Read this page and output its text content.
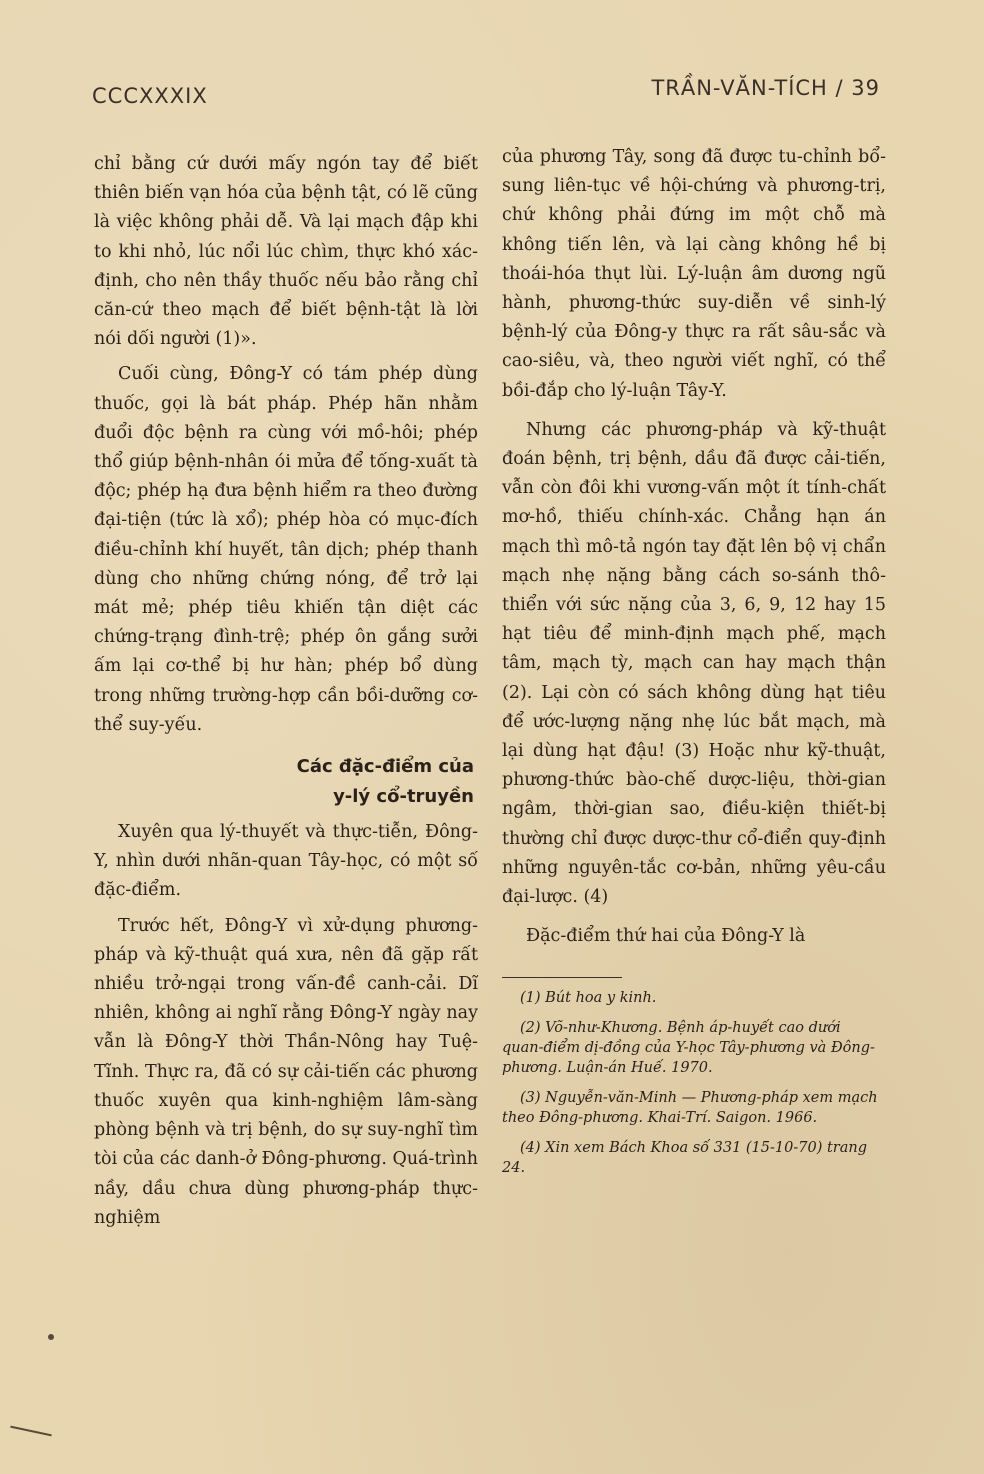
CCCXXXIX	TRẦN-VĂN-TÍCH / 39

chỉ bằng cứ dưới mấy ngón tay để biết thiên biến vạn hóa của bệnh tật, có lẽ cũng là việc không phải dễ. Và lại mạch đập khi to khi nhỏ, lúc nổi lúc chìm, thực khó xác-định, cho nên thầy thuốc nếu bảo rằng chỉ căn-cứ theo mạch để biết bệnh-tật là lời nói dối người (1)».

Cuối cùng, Đông-Y có tám phép dùng thuốc, gọi là bát pháp. Phép hãn nhằm đuổi độc bệnh ra cùng với mồ-hôi; phép thổ giúp bệnh-nhân ói mửa để tống-xuất tà độc; phép hạ đưa bệnh hiểm ra theo đường đại-tiện (tức là xổ); phép hòa có mục-đích điều-chỉnh khí huyết, tân dịch; phép thanh dùng cho những chứng nóng, để trở lại mát mẻ; phép tiêu khiến tận diệt các chứng-trạng đình-trệ; phép ôn gắng sưởi ấm lại cơ-thể bị hư hàn; phép bổ dùng trong những trường-hợp cần bồi-dưỡng cơ-thể suy-yếu.

Các đặc-điểm của
y-lý cổ-truyền

Xuyên qua lý-thuyết và thực-tiễn, Đông-Y, nhìn dưới nhãn-quan Tây-học, có một số đặc-điểm.

Trước hết, Đông-Y vì xử-dụng phương-pháp và kỹ-thuật quá xưa, nên đã gặp rất nhiều trở-ngại trong vấn-đề canh-cải. Dĩ nhiên, không ai nghĩ rằng Đông-Y ngày nay vẫn là Đông-Y thời Thần-Nông hay Tuệ-Tĩnh. Thực ra, đã có sự cải-tiến các phương thuốc xuyên qua kinh-nghiệm lâm-sàng phòng bệnh và trị bệnh, do sự suy-nghĩ tìm tòi của các danh-ở Đông-phương. Quá-trình nầy, dầu chưa dùng phương-pháp thực-nghiệm

của phương Tây, song đã được tu-chỉnh bổ-sung liên-tục về hội-chứng và phương-trị, chứ không phải đứng im một chỗ mà không tiến lên, và lại càng không hề bị thoái-hóa thụt lùi. Lý-luận âm dương ngũ hành, phương-thức suy-diễn về sinh-lý bệnh-lý của Đông-y thực ra rất sâu-sắc và cao-siêu, và, theo người viết nghĩ, có thể bồi-đắp cho lý-luận Tây-Y.

Nhưng các phương-pháp và kỹ-thuật đoán bệnh, trị bệnh, dầu đã được cải-tiến, vẫn còn đôi khi vương-vấn một ít tính-chất mơ-hồ, thiếu chính-xác. Chẳng hạn án mạch thì mô-tả ngón tay đặt lên bộ vị chẩn mạch nhẹ nặng bằng cách so-sánh thô-thiển với sức nặng của 3, 6, 9, 12 hay 15 hạt tiêu để minh-định mạch phế, mạch tâm, mạch tỳ, mạch can hay mạch thận (2). Lại còn có sách không dùng hạt tiêu để ước-lượng nặng nhẹ lúc bắt mạch, mà lại dùng hạt đậu! (3) Hoặc như kỹ-thuật, phương-thức bào-chế dược-liệu, thời-gian ngâm, thời-gian sao, điều-kiện thiết-bị thường chỉ được dược-thư cổ-điển quy-định những nguyên-tắc cơ-bản, những yêu-cầu đại-lược. (4)

Đặc-điểm thứ hai của Đông-Y là

(1) Bút hoa y kinh.
(2) Võ-như-Khương. Bệnh áp-huyết cao dưới quan-điểm dị-đồng của Y-học Tây-phương và Đông-phương. Luận-án Huế. 1970.
(3) Nguyễn-văn-Minh — Phương-pháp xem mạch theo Đông-phương. Khai-Trí. Saigon. 1966.
(4) Xin xem Bách Khoa số 331 (15-10-70) trang 24.
